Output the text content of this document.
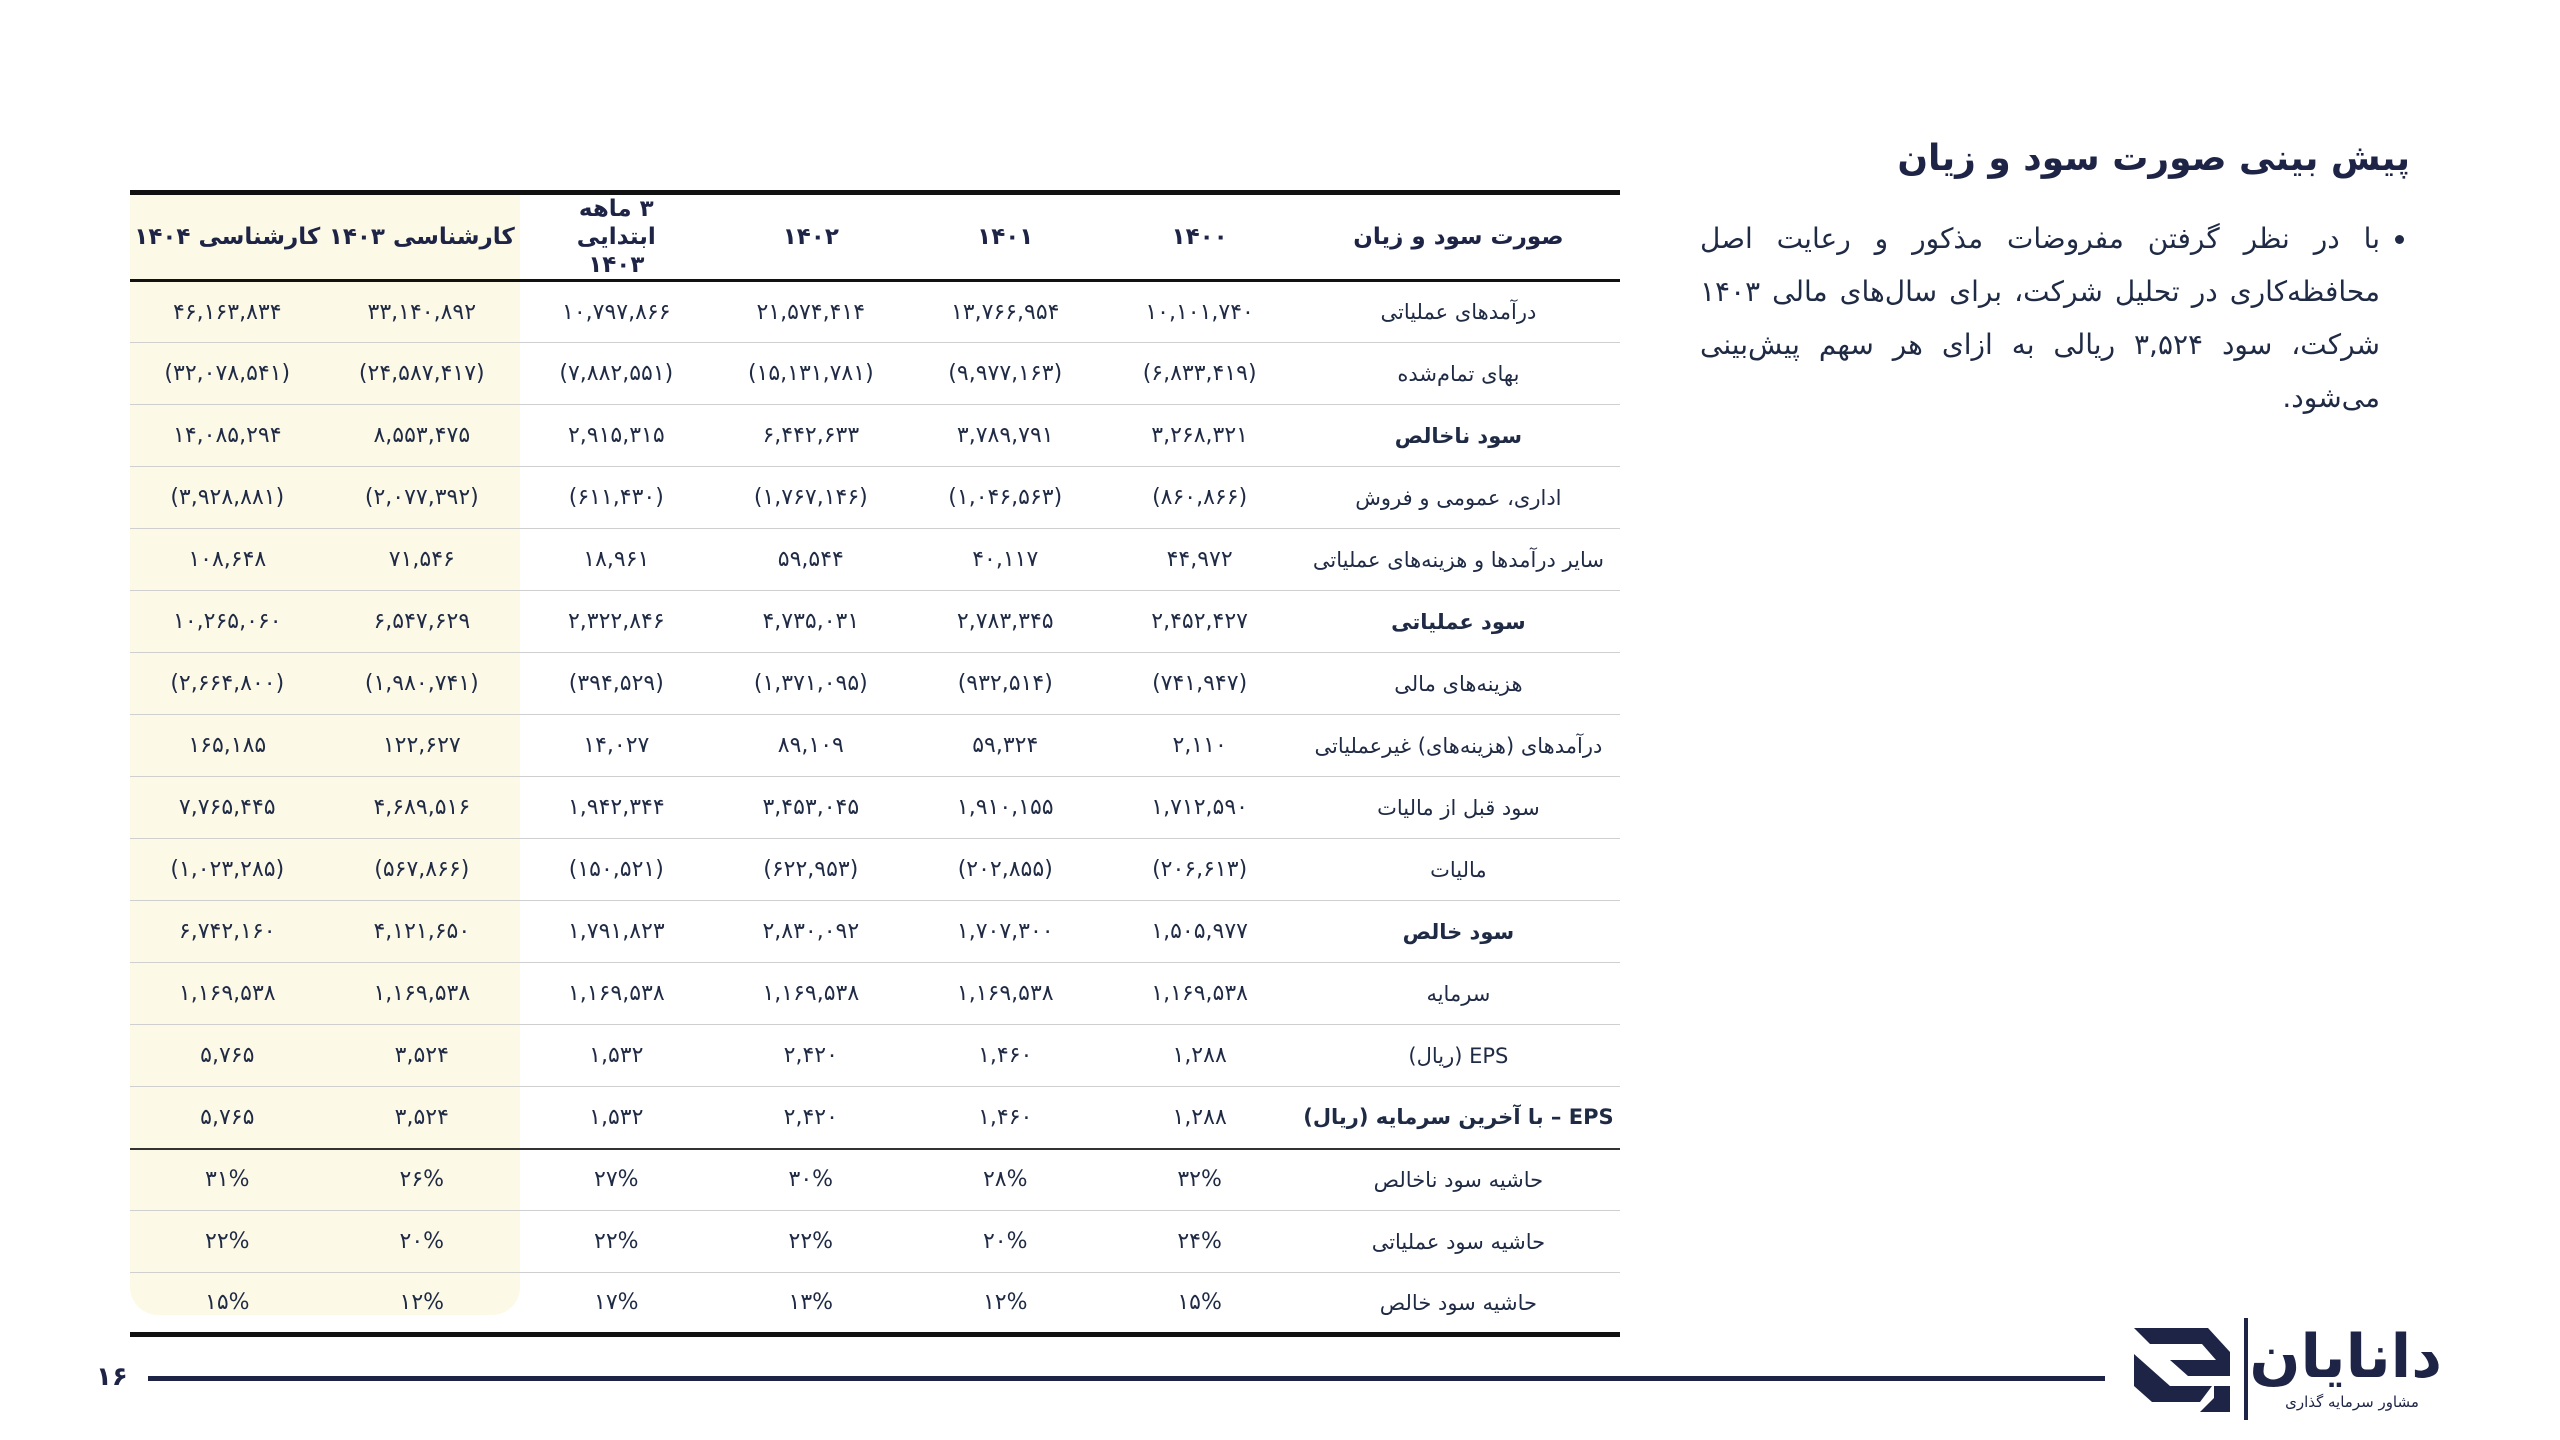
پیش بینی صورت سود و زیان
• با در نظر گرفتن مفروضات مذکور و رعایت اصل محافظه‌کاری در تحلیل شرکت، برای سال‌های مالی ۱۴۰۳ شرکت، سود ۳,۵۲۴ ریالی به ازای هر سهم پیش‌بینی می‌شود.
صورت سود و زیان	۱۴۰۰	۱۴۰۱	۱۴۰۲	۳ ماهه ابتدایی ۱۴۰۳	کارشناسی ۱۴۰۳	کارشناسی ۱۴۰۴
درآمدهای عملیاتی	۱۰,۱۰۱,۷۴۰	۱۳,۷۶۶,۹۵۴	۲۱,۵۷۴,۴۱۴	۱۰,۷۹۷,۸۶۶	۳۳,۱۴۰,۸۹۲	۴۶,۱۶۳,۸۳۴
بهای تمام‌شده	(۶,۸۳۳,۴۱۹)	(۹,۹۷۷,۱۶۳)	(۱۵,۱۳۱,۷۸۱)	(۷,۸۸۲,۵۵۱)	(۲۴,۵۸۷,۴۱۷)	(۳۲,۰۷۸,۵۴۱)
سود ناخالص	۳,۲۶۸,۳۲۱	۳,۷۸۹,۷۹۱	۶,۴۴۲,۶۳۳	۲,۹۱۵,۳۱۵	۸,۵۵۳,۴۷۵	۱۴,۰۸۵,۲۹۴
اداری، عمومی و فروش	(۸۶۰,۸۶۶)	(۱,۰۴۶,۵۶۳)	(۱,۷۶۷,۱۴۶)	(۶۱۱,۴۳۰)	(۲,۰۷۷,۳۹۲)	(۳,۹۲۸,۸۸۱)
سایر درآمدها و هزینه‌های عملیاتی	۴۴,۹۷۲	۴۰,۱۱۷	۵۹,۵۴۴	۱۸,۹۶۱	۷۱,۵۴۶	۱۰۸,۶۴۸
سود عملیاتی	۲,۴۵۲,۴۲۷	۲,۷۸۳,۳۴۵	۴,۷۳۵,۰۳۱	۲,۳۲۲,۸۴۶	۶,۵۴۷,۶۲۹	۱۰,۲۶۵,۰۶۰
هزینه‌های مالی	(۷۴۱,۹۴۷)	(۹۳۲,۵۱۴)	(۱,۳۷۱,۰۹۵)	(۳۹۴,۵۲۹)	(۱,۹۸۰,۷۴۱)	(۲,۶۶۴,۸۰۰)
درآمدهای (هزینه‌های) غیرعملیاتی	۲,۱۱۰	۵۹,۳۲۴	۸۹,۱۰۹	۱۴,۰۲۷	۱۲۲,۶۲۷	۱۶۵,۱۸۵
سود قبل از مالیات	۱,۷۱۲,۵۹۰	۱,۹۱۰,۱۵۵	۳,۴۵۳,۰۴۵	۱,۹۴۲,۳۴۴	۴,۶۸۹,۵۱۶	۷,۷۶۵,۴۴۵
مالیات	(۲۰۶,۶۱۳)	(۲۰۲,۸۵۵)	(۶۲۲,۹۵۳)	(۱۵۰,۵۲۱)	(۵۶۷,۸۶۶)	(۱,۰۲۳,۲۸۵)
سود خالص	۱,۵۰۵,۹۷۷	۱,۷۰۷,۳۰۰	۲,۸۳۰,۰۹۲	۱,۷۹۱,۸۲۳	۴,۱۲۱,۶۵۰	۶,۷۴۲,۱۶۰
سرمایه	۱,۱۶۹,۵۳۸	۱,۱۶۹,۵۳۸	۱,۱۶۹,۵۳۸	۱,۱۶۹,۵۳۸	۱,۱۶۹,۵۳۸	۱,۱۶۹,۵۳۸
EPS (ریال)	۱,۲۸۸	۱,۴۶۰	۲,۴۲۰	۱,۵۳۲	۳,۵۲۴	۵,۷۶۵
EPS – با آخرین سرمایه (ریال)	۱,۲۸۸	۱,۴۶۰	۲,۴۲۰	۱,۵۳۲	۳,۵۲۴	۵,۷۶۵
حاشیه سود ناخالص	۳۲%	۲۸%	۳۰%	۲۷%	۲۶%	۳۱%
حاشیه سود عملیاتی	۲۴%	۲۰%	۲۲%	۲۲%	۲۰%	۲۲%
حاشیه سود خالص	۱۵%	۱۲%	۱۳%	۱۷%	۱۲%	۱۵%
۱۶	دانایان
مشاور سرمایه گذاری
